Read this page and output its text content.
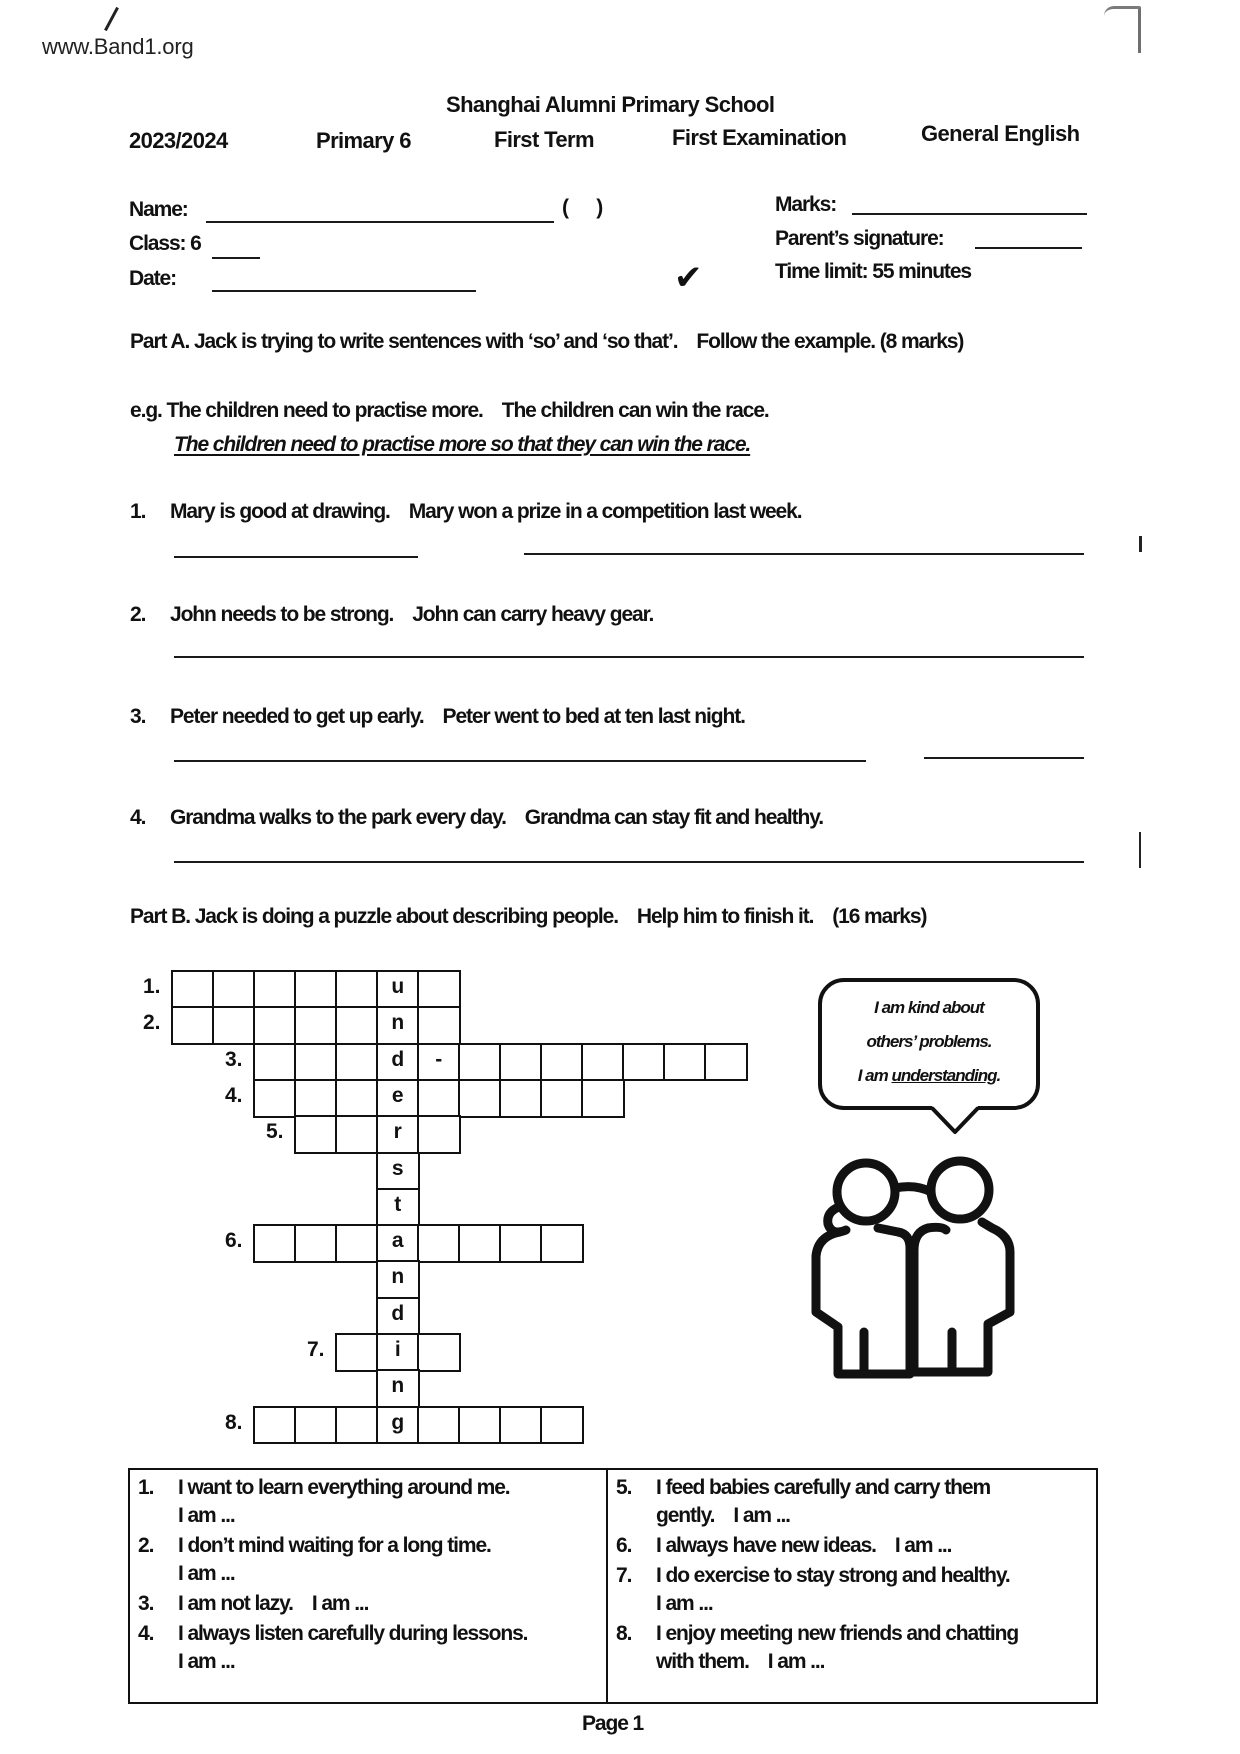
www.Band1.org
Shanghai Alumni Primary School
2023/2024	Primary 6	First Term	First Examination	General English
Name:	(      )
Class: 6
Date:	✔
Marks:
Parent’s signature:
Time limit: 55 minutes
Part A. Jack is trying to write sentences with ‘so’ and ‘so that’.    Follow the example. (8 marks)
e.g. The children need to practise more.    The children can win the race.
The children need to practise more so that they can win the race.
1. Mary is good at drawing.    Mary won a prize in a competition last week.
2. John needs to be strong.    John can carry heavy gear.
3. Peter needed to get up early.    Peter went to bed at ten last night.
4. Grandma walks to the park every day.    Grandma can stay fit and healthy.
Part B. Jack is doing a puzzle about describing people.    Help him to finish it.    (16 marks)
1.	u
2.	n
3.	d	-
4.	e
5.	r
s
t
6.	a
n
d
7.	i
n
8.	g
I am kind about
others’ problems.
I am understanding.
1. I want to learn everything around me.
I am ...
2. I don’t mind waiting for a long time.
I am ...
3. I am not lazy.    I am ...
4. I always listen carefully during lessons.
I am ...
5. I feed babies carefully and carry them
gently.    I am ...
6. I always have new ideas.    I am ...
7. I do exercise to stay strong and healthy.
I am ...
8. I enjoy meeting new friends and chatting
with them.    I am ...
Page 1
